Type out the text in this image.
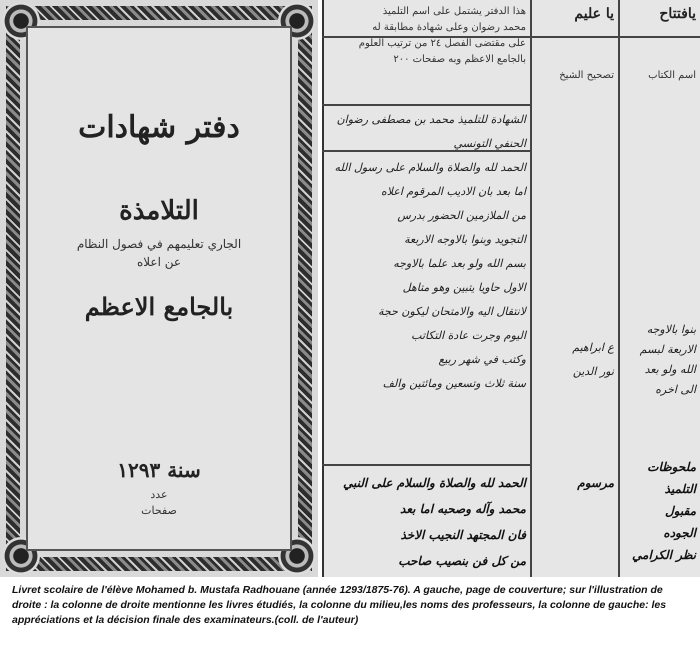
دفتر شهادات
التلامذة
الجاري تعليمهم في فصول النظام
عن اعلاه
بالجامع الاعظم
سنة ١٢٩٣
عدد
صفحات
يافتتاح
اسم الكتاب
يا عليم
تصحيح الشيخ
هذا الدفتر يشتمل على اسم التلميذ
محمد رضوان وعلى شهادة مطابقة له
على مقتضى الفصل ٢٤ من ترتيب العلوم
بالجامع الاعظم وبه صفحات ٢٠٠
الشهادة للتلميذ محمد بن مصطفى رضوان
الحنفي التونسي
الحمد لله والصلاة والسلام على رسول الله
اما بعد بان الاديب المرقوم اعلاه
من الملازمين الحضور بدرس
التجويد وبنوا بالاوجه الاربعة
بسم الله ولو بعد علما بالاوجه
الاول حاويا يتبين وهو متاهل
لانتقال اليه والامتحان ليكون حجة
اليوم وجرت عادة التكاتب
وكتب في شهر ربيع
سنة ثلاث وتسعين ومائتين والف
ع ابراهيم
نور الدين
بنوا بالاوجه
الاربعة لبسم
الله ولو بعد
الى اخره
الحمد لله والصلاة والسلام على النبي
محمد وآله وصحبه اما بعد
فان المجتهد النجيب الاخذ
من كل فن بنصيب صاحب
مرسوم
ملحوظات
التلميذ
مقبول
الجوده
نظر الكرامي
Livret scolaire de l'élève Mohamed b. Mustafa Radhouane (année 1293/1875-76). A gauche, page de couverture; sur l'illustration de droite : la colonne de droite mentionne les livres étudiés, la colonne du milieu,les noms des professeurs, la colonne de gauche: les appréciations et la décision finale des examinateurs.(coll. de l'auteur)
